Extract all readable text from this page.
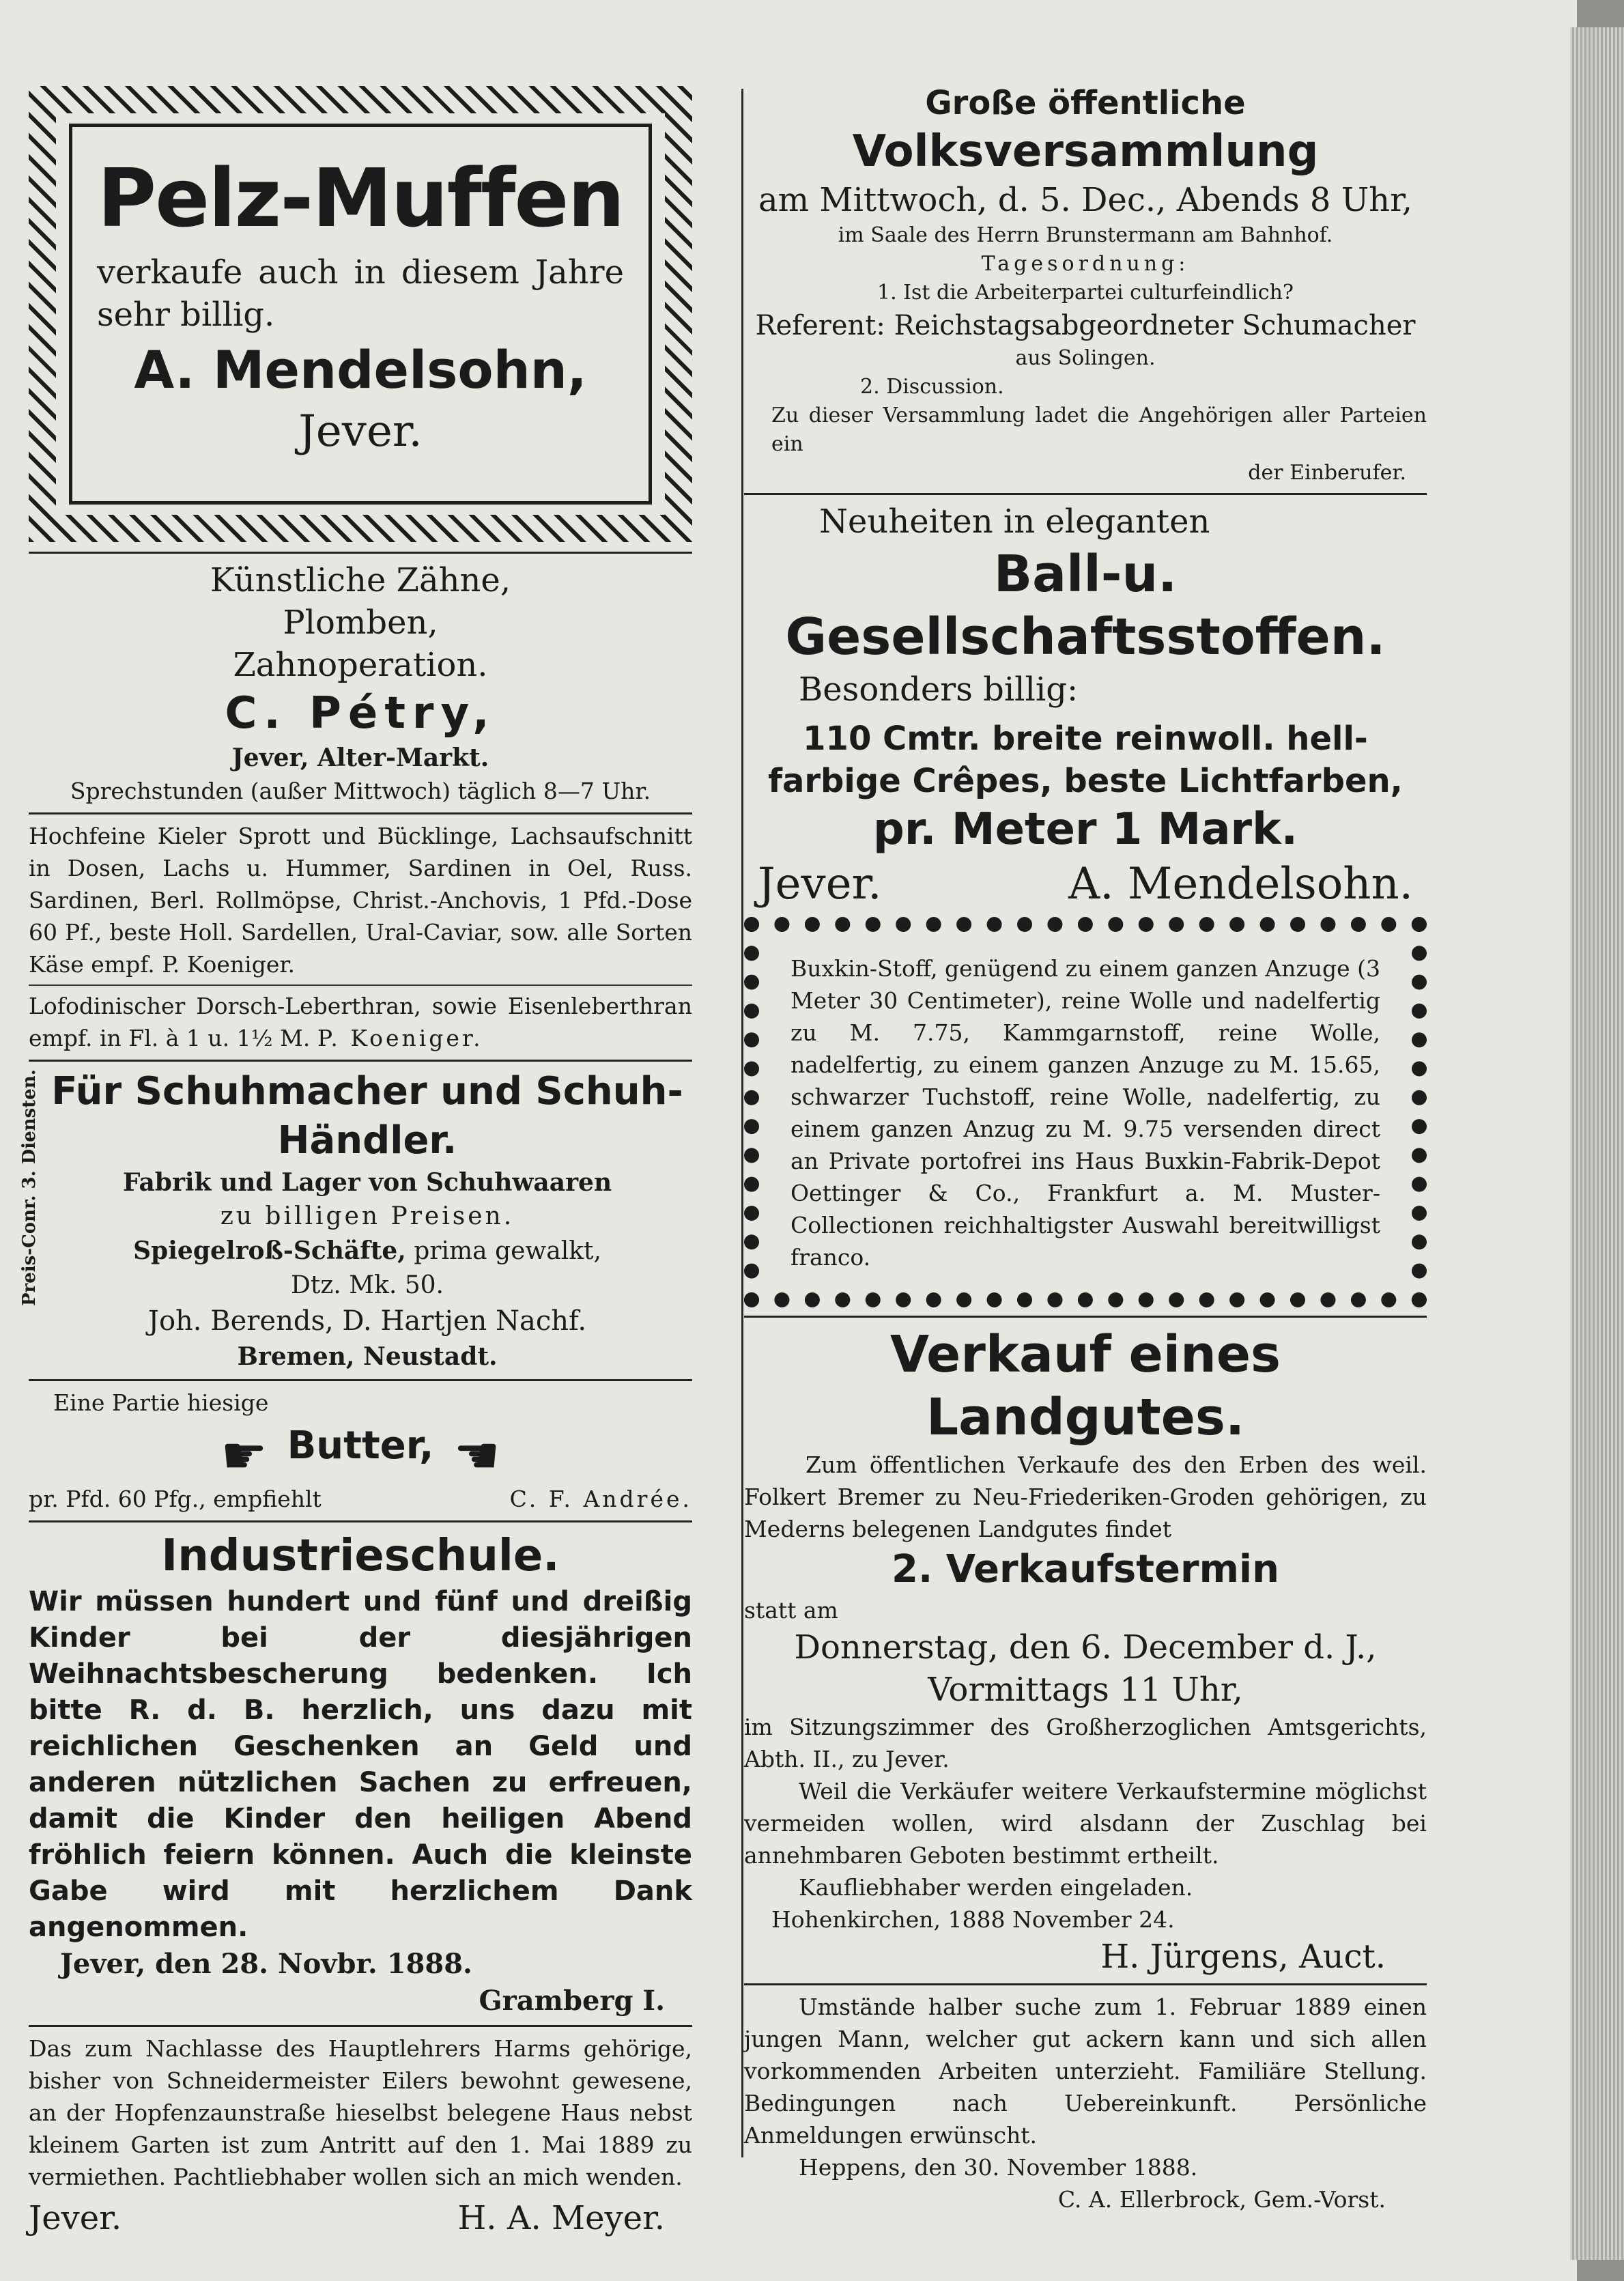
Preis-Conr. 3. Diensten.
Pelz-Muffen

verkaufe auch in diesem Jahre sehr billig.

A. Mendelsohn,

Jever.

Künstliche Zähne,

Plomben,

Zahnoperation.

C. Pétry,

Jever, Alter-Markt.

Sprechstunden (außer Mittwoch) täglich 8—7 Uhr.

Hochfeine Kieler Sprott und Bücklinge, Lachsaufschnitt in Dosen, Lachs u. Hummer, Sardinen in Oel, Russ. Sardinen, Berl. Rollmöpse, Christ.-Anchovis, 1 Pfd.-Dose 60 Pf., beste Holl. Sardellen, Ural-Caviar, sow. alle Sorten Käse empf. P. Koeniger.

Lofodinischer Dorsch-Leberthran, sowie Eisenleberthran empf. in Fl. à 1 u. 1½ M. P. Koeniger.

Für Schuhmacher und Schuh-

Händler.

Fabrik und Lager von Schuhwaaren

zu billigen Preisen.

Spiegelroß-Schäfte, prima gewalkt,

Dtz. Mk. 50.

Joh. Berends, D. Hartjen Nachf.

Bremen, Neustadt.

Eine Partie hiesige

☛ Butter, ☚

pr. Pfd. 60 Pfg., empfiehlt	C. F. Andrée.

Industrieschule.

Wir müssen hundert und fünf und dreißig Kinder bei der diesjährigen Weihnachtsbescherung bedenken. Ich bitte R. d. B. herzlich, uns dazu mit reichlichen Geschenken an Geld und anderen nützlichen Sachen zu erfreuen, damit die Kinder den heiligen Abend fröhlich feiern können. Auch die kleinste Gabe wird mit herzlichem Dank angenommen.

Jever, den 28. Novbr. 1888.

Gramberg I.

Das zum Nachlasse des Hauptlehrers Harms gehörige, bisher von Schneidermeister Eilers bewohnt gewesene, an der Hopfenzaunstraße hieselbst belegene Haus nebst kleinem Garten ist zum Antritt auf den 1. Mai 1889 zu vermiethen. Pachtliebhaber wollen sich an mich wenden.

Jever.	H. A. Meyer.

Große öffentliche

Volksversammlung

am Mittwoch, d. 5. Dec., Abends 8 Uhr,

im Saale des Herrn Brunstermann am Bahnhof.

Tagesordnung:

1. Ist die Arbeiterpartei culturfeindlich?

Referent: Reichstagsabgeordneter Schumacher

aus Solingen.

2. Discussion.

Zu dieser Versammlung ladet die Angehörigen aller Parteien ein

der Einberufer.

Neuheiten in eleganten

Ball-u. Gesellschaftsstoffen.

Besonders billig:

110 Cmtr. breite reinwoll. hell-

farbige Crêpes, beste Lichtfarben,

pr. Meter 1 Mark.

Jever.	A. Mendelsohn.

Buxkin-Stoff, genügend zu einem ganzen Anzuge (3 Meter 30 Centimeter), reine Wolle und nadelfertig zu M. 7.75, Kammgarnstoff, reine Wolle, nadelfertig, zu einem ganzen Anzuge zu M. 15.65, schwarzer Tuchstoff, reine Wolle, nadelfertig, zu einem ganzen Anzug zu M. 9.75 versenden direct an Private portofrei ins Haus Buxkin-Fabrik-Depot Oettinger & Co., Frankfurt a. M. Muster-Collectionen reichhaltigster Auswahl bereitwilligst franco.

Verkauf eines Landgutes.

Zum öffentlichen Verkaufe des den Erben des weil. Folkert Bremer zu Neu-Friederiken-Groden gehörigen, zu Mederns belegenen Landgutes findet

2. Verkaufstermin

statt am

Donnerstag, den 6. December d. J.,

Vormittags 11 Uhr,

im Sitzungszimmer des Großherzoglichen Amtsgerichts, Abth. II., zu Jever.

Weil die Verkäufer weitere Verkaufstermine möglichst vermeiden wollen, wird alsdann der Zuschlag bei annehmbaren Geboten bestimmt ertheilt.

Kaufliebhaber werden eingeladen.

Hohenkirchen, 1888 November 24.

H. Jürgens, Auct.

Umstände halber suche zum 1. Februar 1889 einen jungen Mann, welcher gut ackern kann und sich allen vorkommenden Arbeiten unterzieht. Familiäre Stellung. Bedingungen nach Uebereinkunft. Persönliche Anmeldungen erwünscht.

Heppens, den 30. November 1888.

C. A. Ellerbrock, Gem.-Vorst.
